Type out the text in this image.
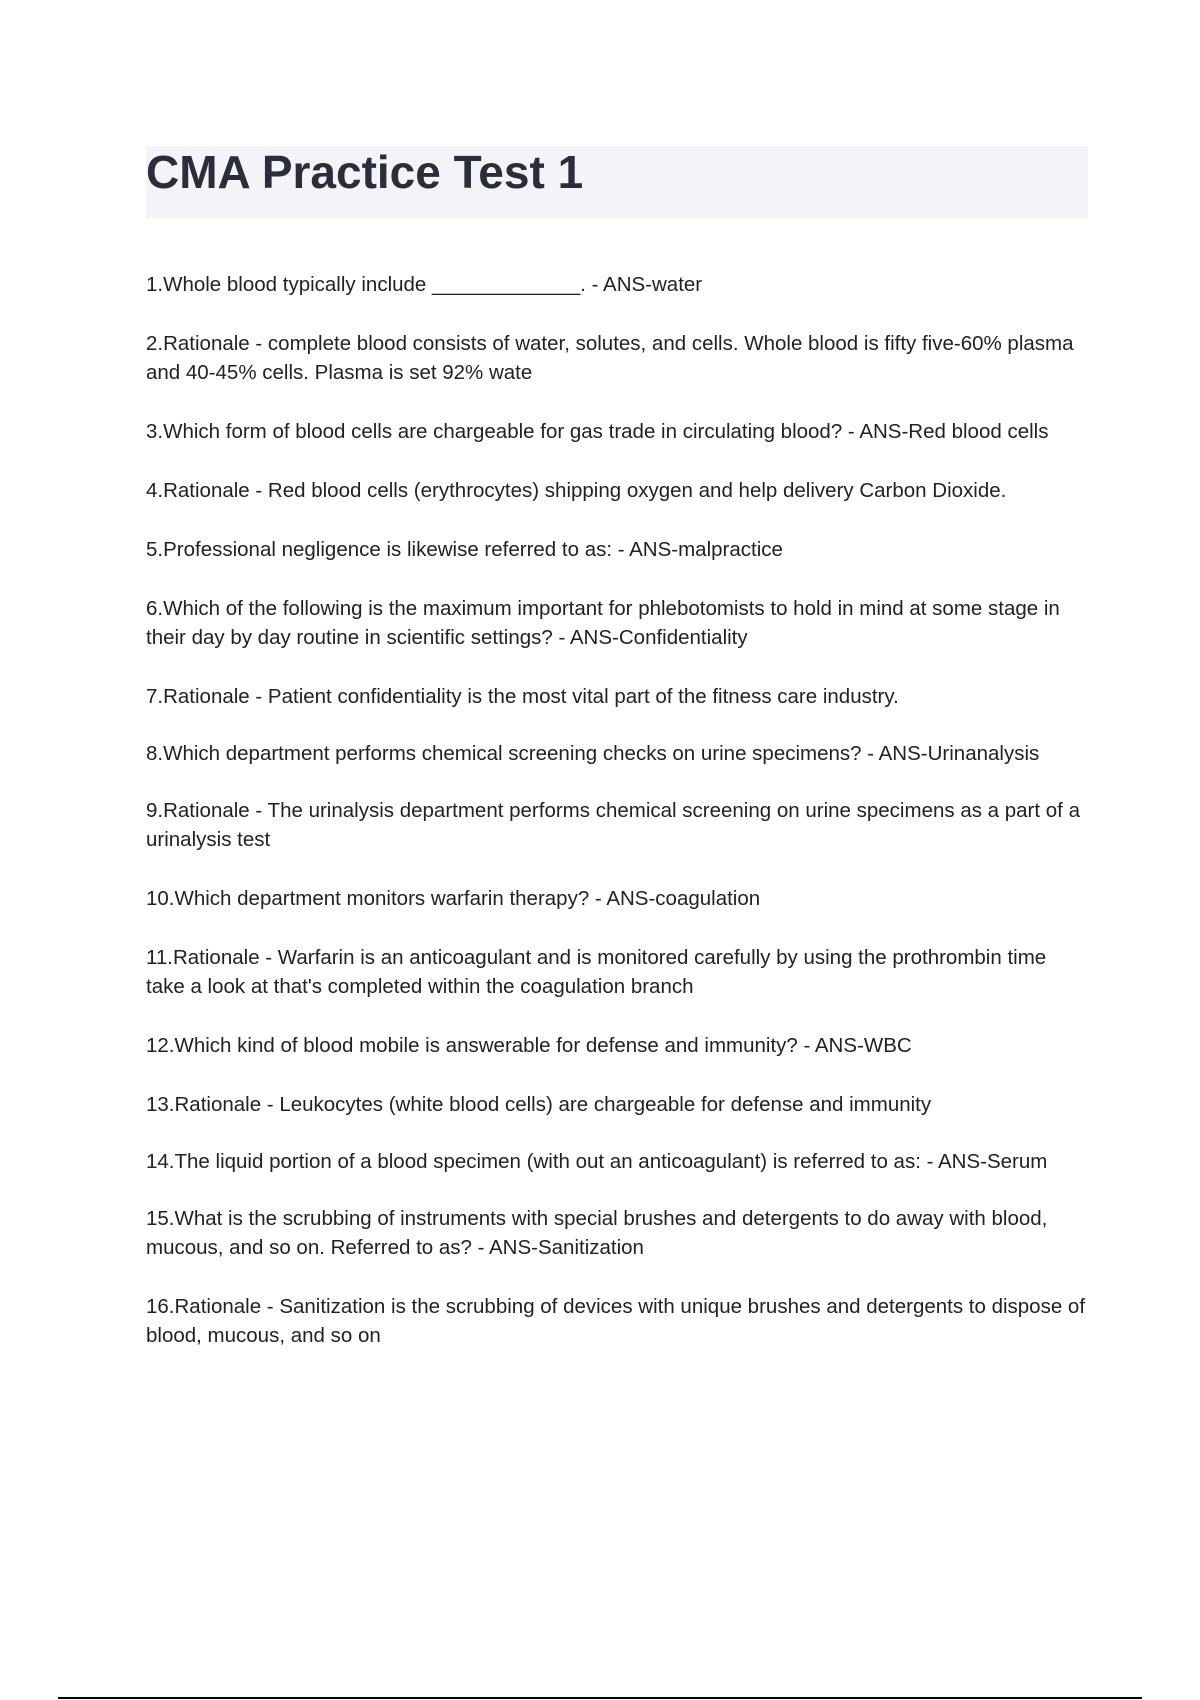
CMA Practice Test 1

1.Whole blood typically include _____________. - ANS-water

2.Rationale - complete blood consists of water, solutes, and cells. Whole blood is fifty five-60% plasma and 40-45% cells. Plasma is set 92% wate

3.Which form of blood cells are chargeable for gas trade in circulating blood? - ANS-Red blood cells

4.Rationale - Red blood cells (erythrocytes) shipping oxygen and help delivery Carbon Dioxide.

5.Professional negligence is likewise referred to as: - ANS-malpractice

6.Which of the following is the maximum important for phlebotomists to hold in mind at some stage in their day by day routine in scientific settings? - ANS-Confidentiality

7.Rationale - Patient confidentiality is the most vital part of the fitness care industry.

8.Which department performs chemical screening checks on urine specimens? - ANS-Urinanalysis

9.Rationale - The urinalysis department performs chemical screening on urine specimens as a part of a urinalysis test

10.Which department monitors warfarin therapy? - ANS-coagulation

11.Rationale - Warfarin is an anticoagulant and is monitored carefully by using the prothrombin time take a look at that's completed within the coagulation branch

12.Which kind of blood mobile is answerable for defense and immunity? - ANS-WBC

13.Rationale - Leukocytes (white blood cells) are chargeable for defense and immunity

14.The liquid portion of a blood specimen (with out an anticoagulant) is referred to as: - ANS-Serum

15.What is the scrubbing of instruments with special brushes and detergents to do away with blood, mucous, and so on. Referred to as? - ANS-Sanitization

16.Rationale - Sanitization is the scrubbing of devices with unique brushes and detergents to dispose of blood, mucous, and so on
